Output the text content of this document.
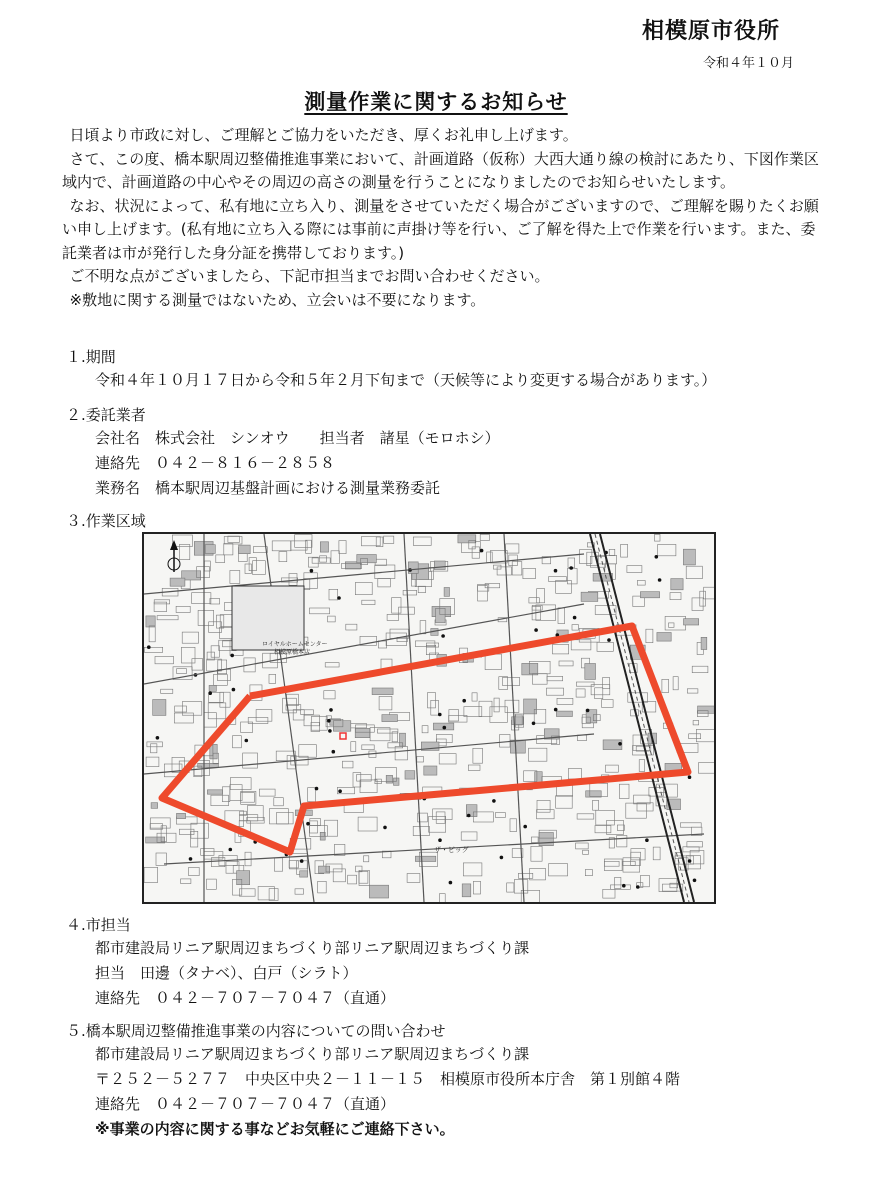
相模原市役所
令和４年１０月
測量作業に関するお知らせ

日頃より市政に対し、ご理解とご協力をいただき、厚くお礼申し上げます。

さて、この度、橋本駅周辺整備推進事業において、計画道路（仮称）大西大通り線の検討にあたり、下図作業区域内で、計画道路の中心やその周辺の高さの測量を行うことになりましたのでお知らせいたします。

なお、状況によって、私有地に立ち入り、測量をさせていただく場合がございますので、ご理解を賜りたくお願い申し上げます。(私有地に立ち入る際には事前に声掛け等を行い、ご了解を得た上で作業を行います。また、委託業者は市が発行した身分証を携帯しております。)

ご不明な点がございましたら、下記市担当までお問い合わせください。

※敷地に関する測量ではないため、立会いは不要になります。

１.期間

令和４年１０月１７日から令和５年２月下旬まで（天候等により変更する場合があります。）

２.委託業者

会社名　株式会社　シンオウ　　担当者　諸星（モロホシ）

連絡先　０４２－８１６－２８５８

業務名　橋本駅周辺基盤計画における測量業務委託

３.作業区域
ロイヤルホームセンター
相模原橋本店
ザ・ビッグ
４.市担当

都市建設局リニア駅周辺まちづくり部リニア駅周辺まちづくり課

担当　田邊（タナベ）、白戸（シラト）

連絡先　０４２－７０７－７０４７（直通）

５.橋本駅周辺整備推進事業の内容についての問い合わせ

都市建設局リニア駅周辺まちづくり部リニア駅周辺まちづくり課

〒２５２－５２７７　中央区中央２－１１－１５　相模原市役所本庁舎　第１別館４階

連絡先　０４２－７０７－７０４７（直通）

※事業の内容に関する事などお気軽にご連絡下さい。
